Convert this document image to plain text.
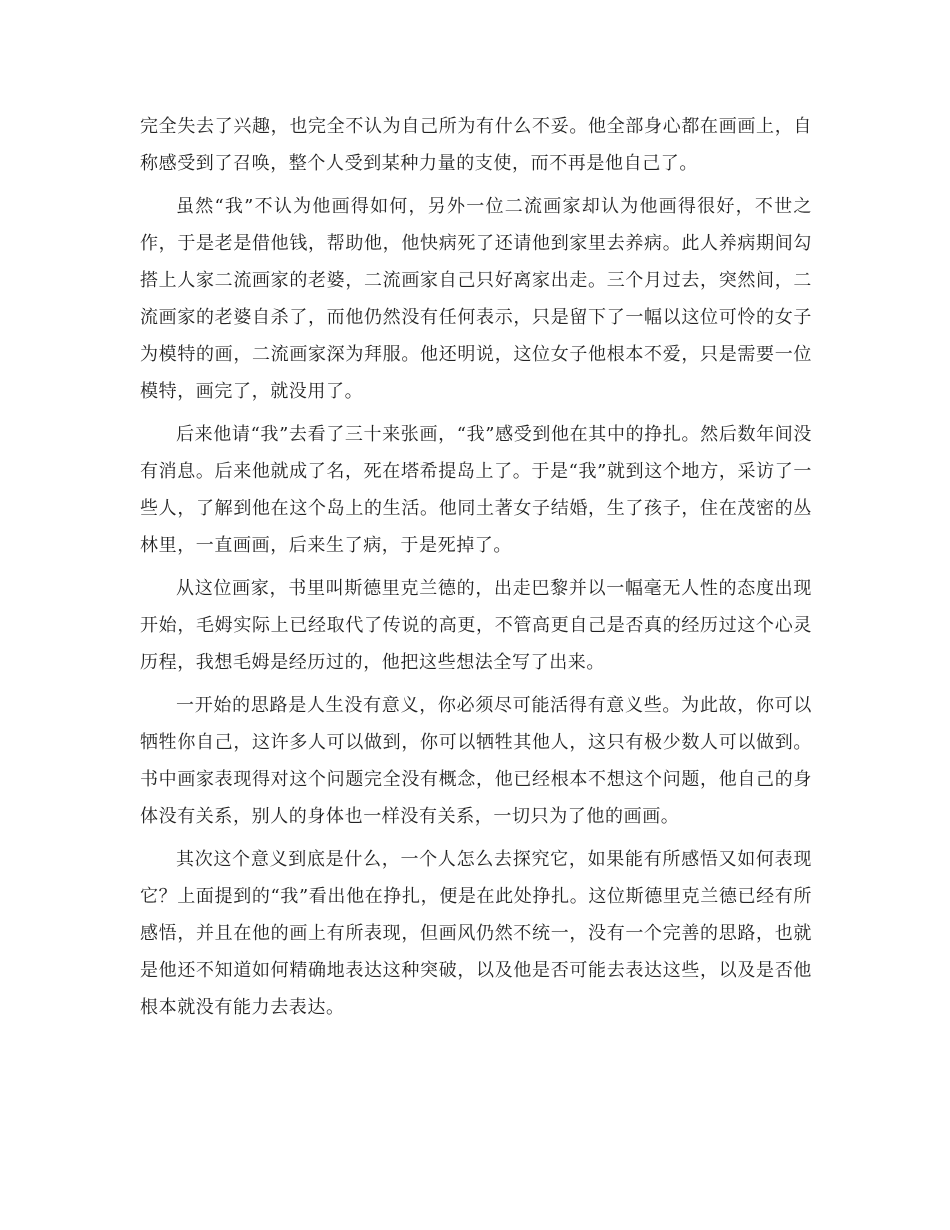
完全失去了兴趣，也完全不认为自己所为有什么不妥。他全部身心都在画画上，自称感受到了召唤，整个人受到某种力量的支使，而不再是他自己了。

虽然“我”不认为他画得如何，另外一位二流画家却认为他画得很好，不世之作，于是老是借他钱，帮助他，他快病死了还请他到家里去养病。此人养病期间勾搭上人家二流画家的老婆，二流画家自己只好离家出走。三个月过去，突然间，二流画家的老婆自杀了，而他仍然没有任何表示，只是留下了一幅以这位可怜的女子为模特的画，二流画家深为拜服。他还明说，这位女子他根本不爱，只是需要一位模特，画完了，就没用了。

后来他请“我”去看了三十来张画，“我”感受到他在其中的挣扎。然后数年间没有消息。后来他就成了名，死在塔希提岛上了。于是“我”就到这个地方，采访了一些人，了解到他在这个岛上的生活。他同土著女子结婚，生了孩子，住在茂密的丛林里，一直画画，后来生了病，于是死掉了。

从这位画家，书里叫斯德里克兰德的，出走巴黎并以一幅毫无人性的态度出现开始，毛姆实际上已经取代了传说的高更，不管高更自己是否真的经历过这个心灵历程，我想毛姆是经历过的，他把这些想法全写了出来。

一开始的思路是人生没有意义，你必须尽可能活得有意义些。为此故，你可以牺牲你自己，这许多人可以做到，你可以牺牲其他人，这只有极少数人可以做到。书中画家表现得对这个问题完全没有概念，他已经根本不想这个问题，他自己的身体没有关系，别人的身体也一样没有关系，一切只为了他的画画。

其次这个意义到底是什么，一个人怎么去探究它，如果能有所感悟又如何表现它？上面提到的“我”看出他在挣扎，便是在此处挣扎。这位斯德里克兰德已经有所感悟，并且在他的画上有所表现，但画风仍然不统一，没有一个完善的思路，也就是他还不知道如何精确地表达这种突破，以及他是否可能去表达这些，以及是否他根本就没有能力去表达。
